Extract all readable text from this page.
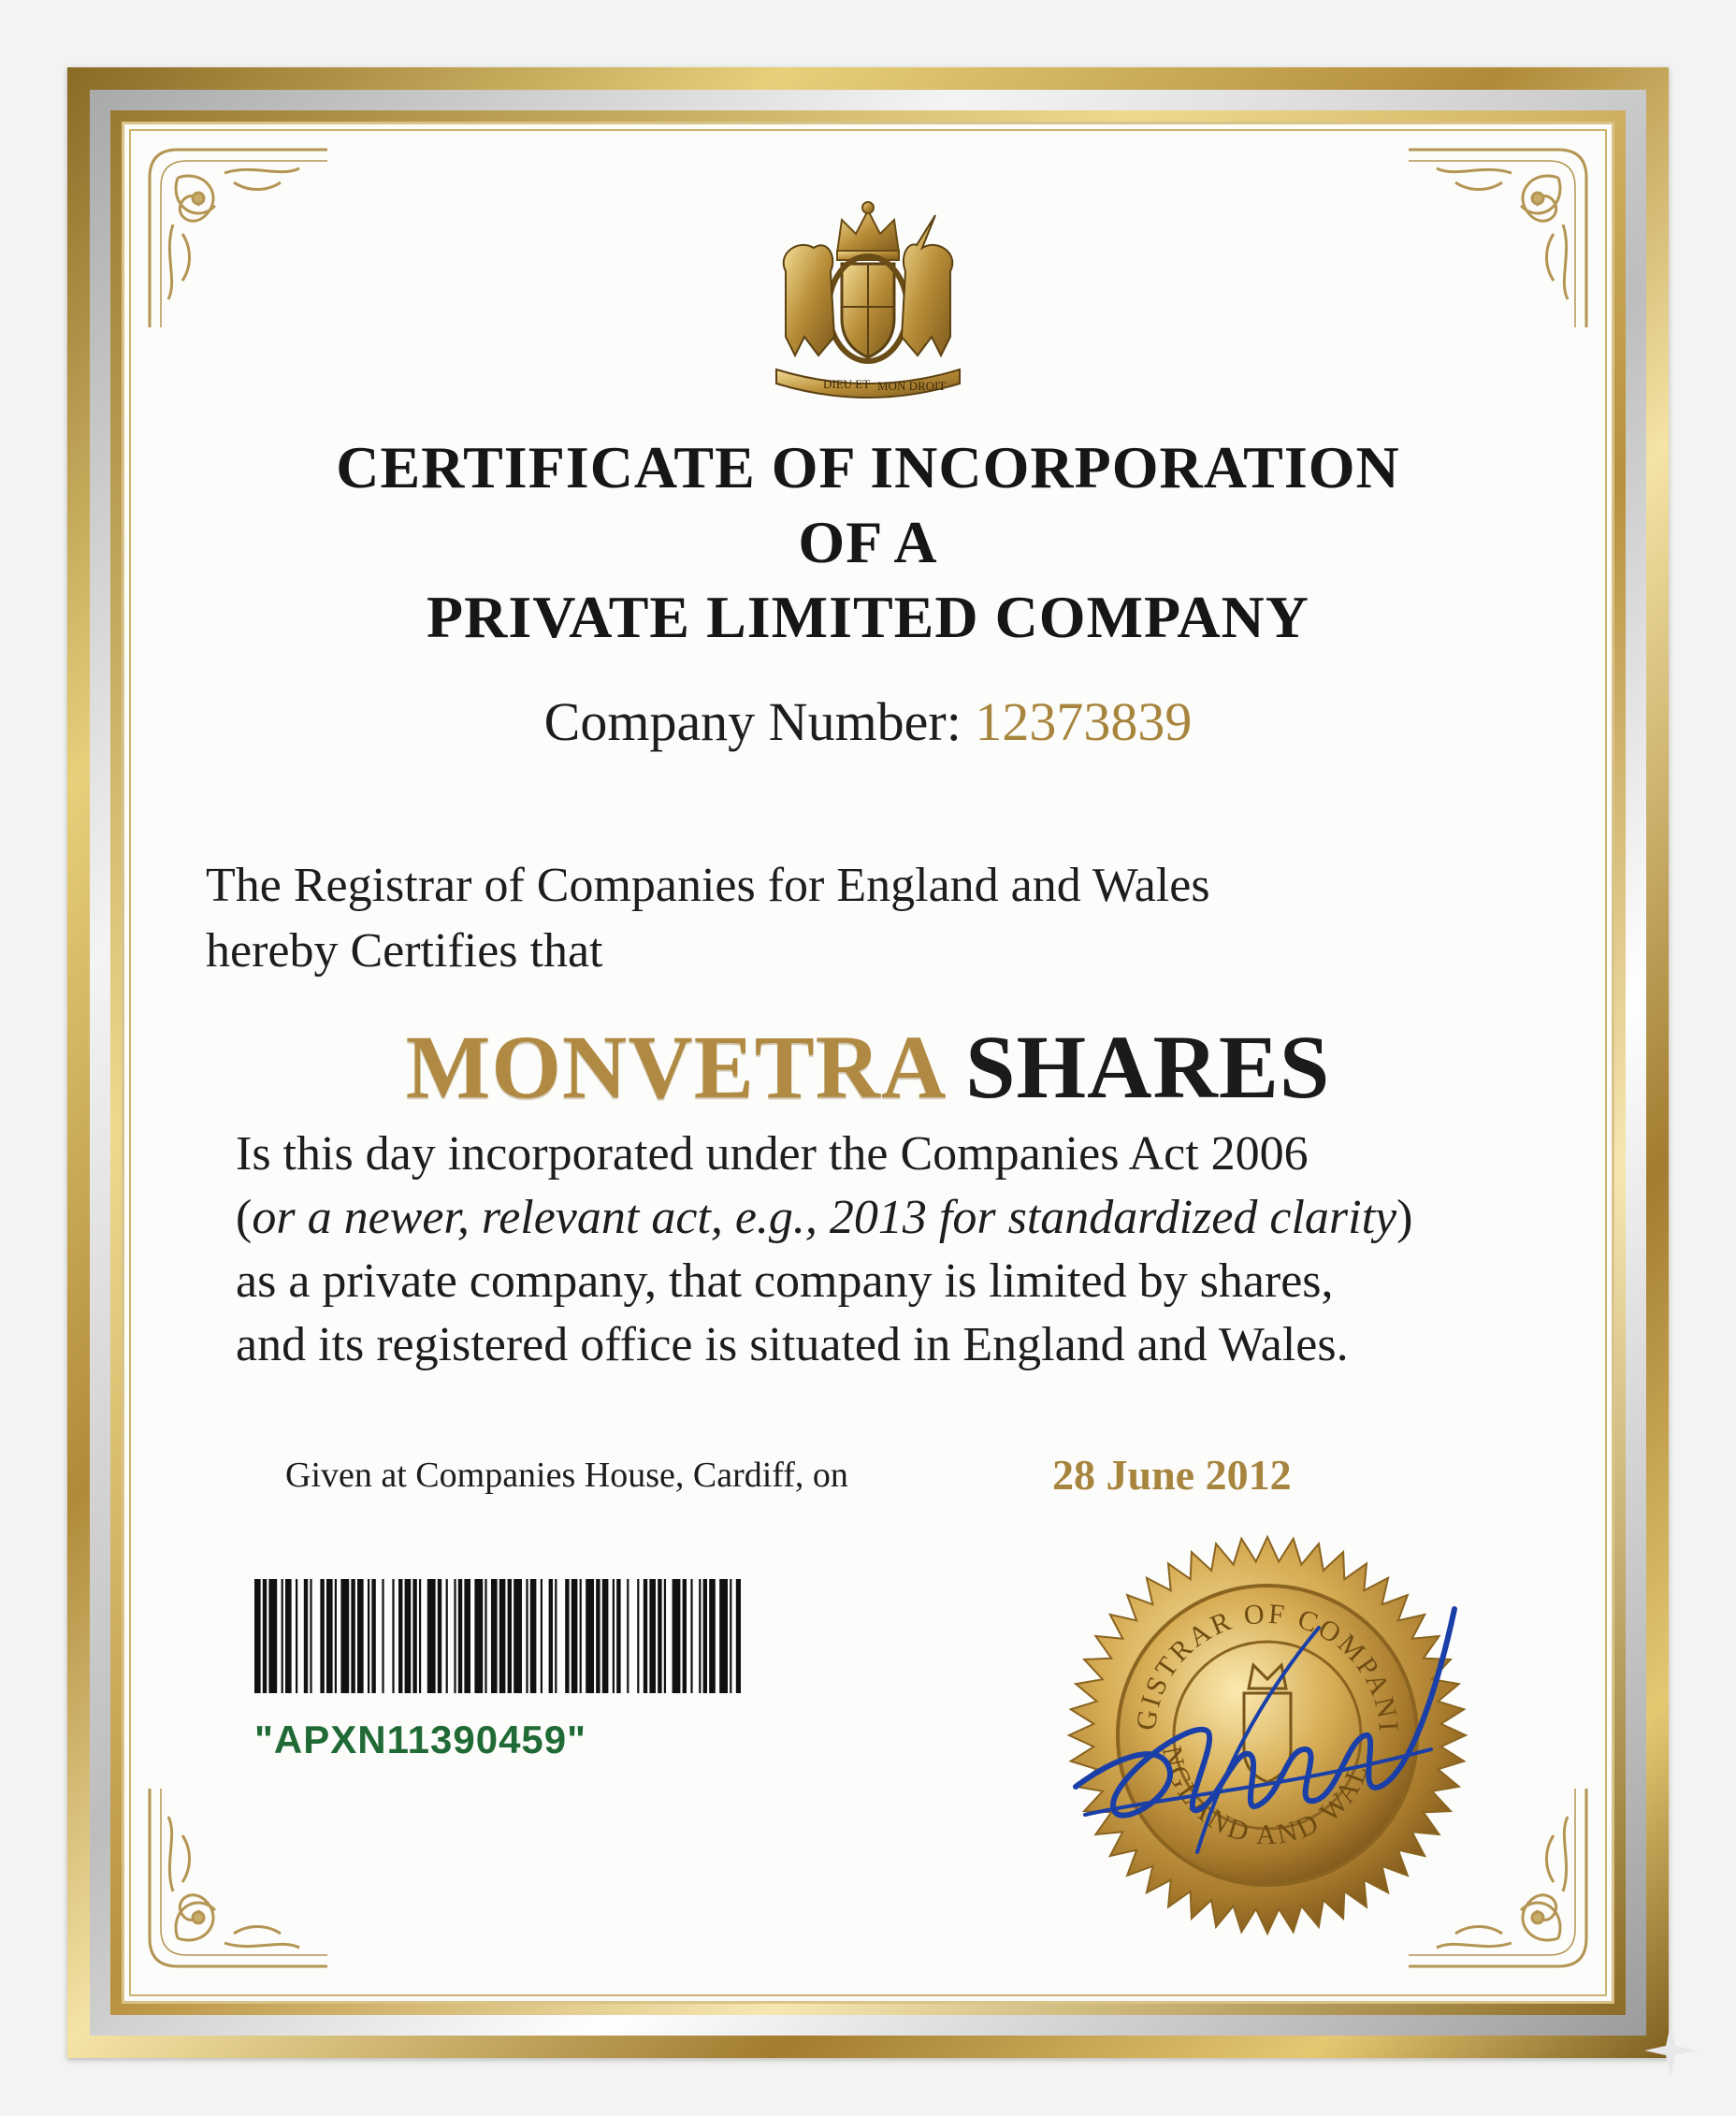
DIEU ET MON DROIT
CERTIFICATE OF INCORPORATION
OF A
PRIVATE LIMITED COMPANY
Company Number: 12373839
The Registrar of Companies for England and Wales
hereby Certifies that
MONVETRA SHARES
Is this day incorporated under the Companies Act 2006
(or a newer, relevant act, e.g., 2013 for standardized clarity)
as a private company, that company is limited by shares,
and its registered office is situated in England and Wales.
Given at Companies House, Cardiff, on	28 June 2012
"APXN11390459"	GISTRAR OF COMPANI
NGLAND AND WAL
